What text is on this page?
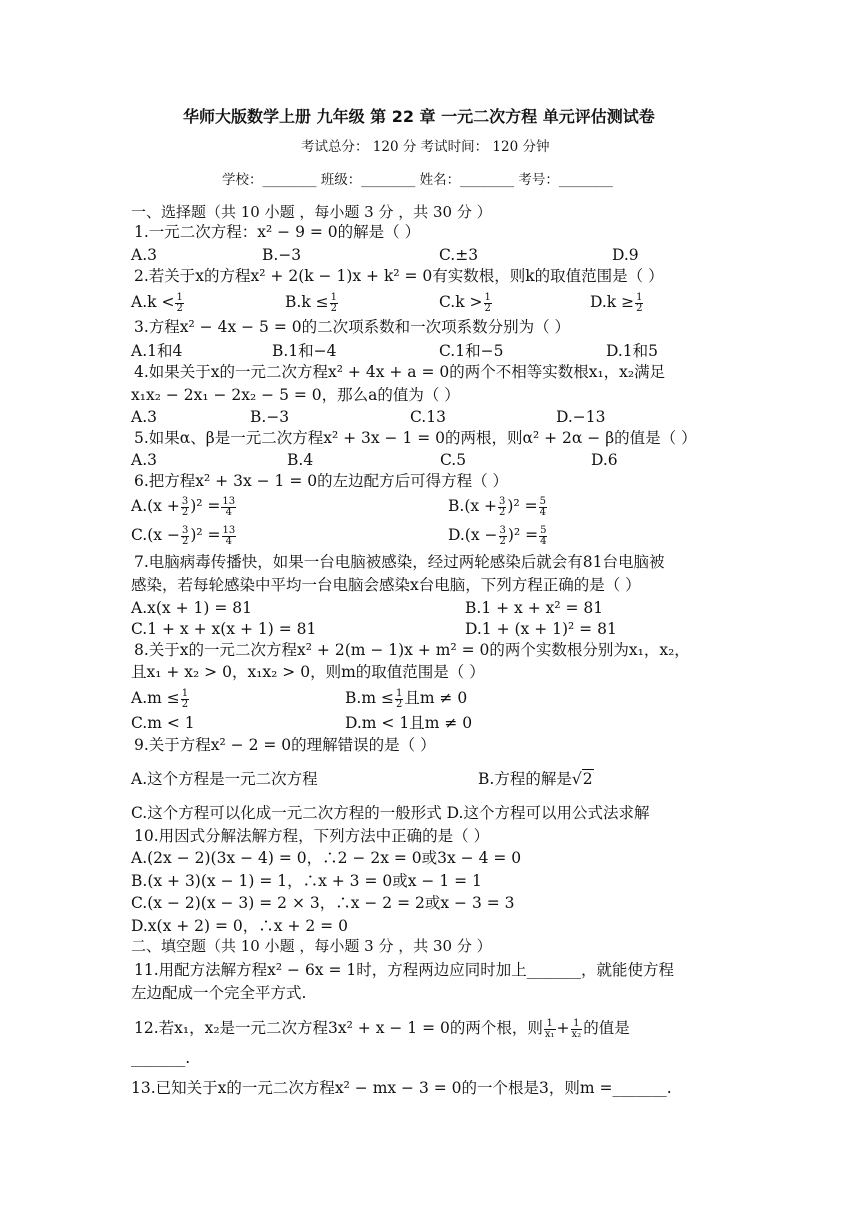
华师大版数学上册 九年级 第 22 章 一元二次方程 单元评估测试卷
考试总分： 120 分 考试时间： 120 分钟
学校：________ 班级：________ 姓名：________ 考号：________
一、选择题（共 10 小题 ，每小题 3 分 ，共 30 分 ）
1.一元二次方程：x² − 9 = 0的解是（ ）
A.3	B.−3	C.±3	D.9
2.若关于x的方程x² + 2(k − 1)x + k² = 0有实数根，则k的取值范围是（ ）
$A.k < \frac{1}{2}$	$B.k \le \frac{1}{2}$	$C.k > \frac{1}{2}$	$D.k \ge \frac{1}{2}$
3.方程x² − 4x − 5 = 0的二次项系数和一次项系数分别为（ ）
A.1和4	B.1和−4	C.1和−5	D.1和5
4.如果关于x的一元二次方程x² + 4x + a = 0的两个不相等实数根x₁，x₂满足
x₁x₂ − 2x₁ − 2x₂ − 5 = 0，那么a的值为（ ）
A.3	B.−3	C.13	D.−13
5.如果α、β是一元二次方程x² + 3x − 1 = 0的两根，则α² + 2α − β的值是（ ）
A.3	B.4	C.5	D.6
6.把方程x² + 3x − 1 = 0的左边配方后可得方程（ ）
$A.(x + \frac{3}{2} )^2 = \frac{13}{4}$	$B.(x + \frac{3}{2} )^2 = \frac{5}{4}$
$C.(x - \frac{3}{2} )^2 = \frac{13}{4}$	$D.(x - \frac{3}{2} )^2 = \frac{5}{4}$
7.电脑病毒传播快，如果一台电脑被感染，经过两轮感染后就会有81台电脑被
感染，若每轮感染中平均一台电脑会感染x台电脑，下列方程正确的是（ ）
A.x(x + 1) = 81	B.1 + x + x² = 81
C.1 + x + x(x + 1) = 81	D.1 + (x + 1)² = 81
8.关于x的一元二次方程x² + 2(m − 1)x + m² = 0的两个实数根分别为x₁，x₂，
且x₁ + x₂ > 0，x₁x₂ > 0，则m的取值范围是（ ）
$A.m \le \frac{1}{2}$	$B.m \le \frac{1}{2}$ 且m ≠ 0
C.m < 1	D.m < 1且m ≠ 0
9.关于方程x² − 2 = 0的理解错误的是（ ）
A.这个方程是一元二次方程	B.方程的解是√2
C.这个方程可以化成一元二次方程的一般形式 D.这个方程可以用公式法求解
10.用因式分解法解方程，下列方法中正确的是（ ）
A.(2x − 2)(3x − 4) = 0，∴2 − 2x = 0或3x − 4 = 0
B.(x + 3)(x − 1) = 1，∴x + 3 = 0或x − 1 = 1
C.(x − 2)(x − 3) = 2 × 3，∴x − 2 = 2或x − 3 = 3
D.x(x + 2) = 0，∴x + 2 = 0
二、填空题（共 10 小题 ，每小题 3 分 ，共 30 分 ）
11.用配方法解方程x² − 6x = 1时，方程两边应同时加上_______，就能使方程
左边配成一个完全平方式.
12.若x₁，x₂是一元二次方程3x² + x − 1 = 0的两个根，则 $\frac{1}{\text{x₁}} + \frac{1}{\text{x₂}}$ 的值是
_______.
13.已知关于x的一元二次方程x² − mx − 3 = 0的一个根是3，则m =_______.
